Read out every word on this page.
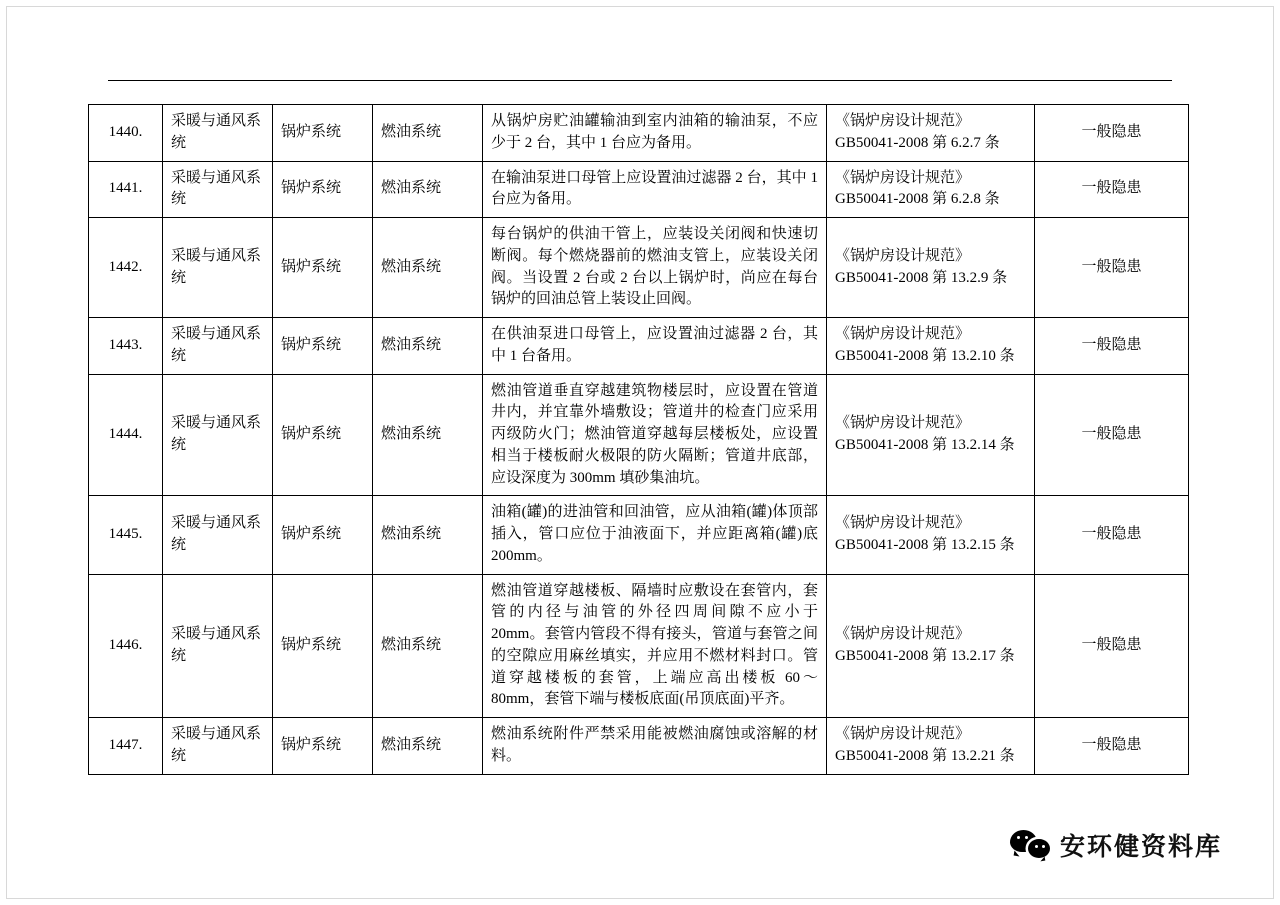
1440.	采暖与通风系统	锅炉系统	燃油系统	从锅炉房贮油罐输油到室内油箱的输油泵，不应少于 2 台，其中 1 台应为备用。	《锅炉房设计规范》
GB50041-2008 第 6.2.7 条	一般隐患
1441.	采暖与通风系统	锅炉系统	燃油系统	在输油泵进口母管上应设置油过滤器 2 台，其中 1 台应为备用。	《锅炉房设计规范》
GB50041-2008 第 6.2.8 条	一般隐患
1442.	采暖与通风系统	锅炉系统	燃油系统	每台锅炉的供油干管上，应装设关闭阀和快速切断阀。每个燃烧器前的燃油支管上，应装设关闭阀。当设置 2 台或 2 台以上锅炉时，尚应在每台锅炉的回油总管上装设止回阀。	《锅炉房设计规范》
GB50041-2008 第 13.2.9 条	一般隐患
1443.	采暖与通风系统	锅炉系统	燃油系统	在供油泵进口母管上，应设置油过滤器 2 台，其中 1 台备用。	《锅炉房设计规范》
GB50041-2008 第 13.2.10 条	一般隐患
1444.	采暖与通风系统	锅炉系统	燃油系统	燃油管道垂直穿越建筑物楼层时，应设置在管道井内，并宜靠外墙敷设；管道井的检查门应采用丙级防火门；燃油管道穿越每层楼板处，应设置相当于楼板耐火极限的防火隔断；管道井底部，应设深度为 300mm 填砂集油坑。	《锅炉房设计规范》
GB50041-2008 第 13.2.14 条	一般隐患
1445.	采暖与通风系统	锅炉系统	燃油系统	油箱(罐)的进油管和回油管，应从油箱(罐)体顶部插入，管口应位于油液面下，并应距离箱(罐)底 200mm。	《锅炉房设计规范》
GB50041-2008 第 13.2.15 条	一般隐患
1446.	采暖与通风系统	锅炉系统	燃油系统	燃油管道穿越楼板、隔墙时应敷设在套管内，套管的内径与油管的外径四周间隙不应小于 20mm。套管内管段不得有接头，管道与套管之间的空隙应用麻丝填实，并应用不燃材料封口。管道穿越楼板的套管，上端应高出楼板 60～80mm，套管下端与楼板底面(吊顶底面)平齐。	《锅炉房设计规范》
GB50041-2008 第 13.2.17 条	一般隐患
1447.	采暖与通风系统	锅炉系统	燃油系统	燃油系统附件严禁采用能被燃油腐蚀或溶解的材料。	《锅炉房设计规范》
GB50041-2008 第 13.2.21 条	一般隐患
安环健资料库
